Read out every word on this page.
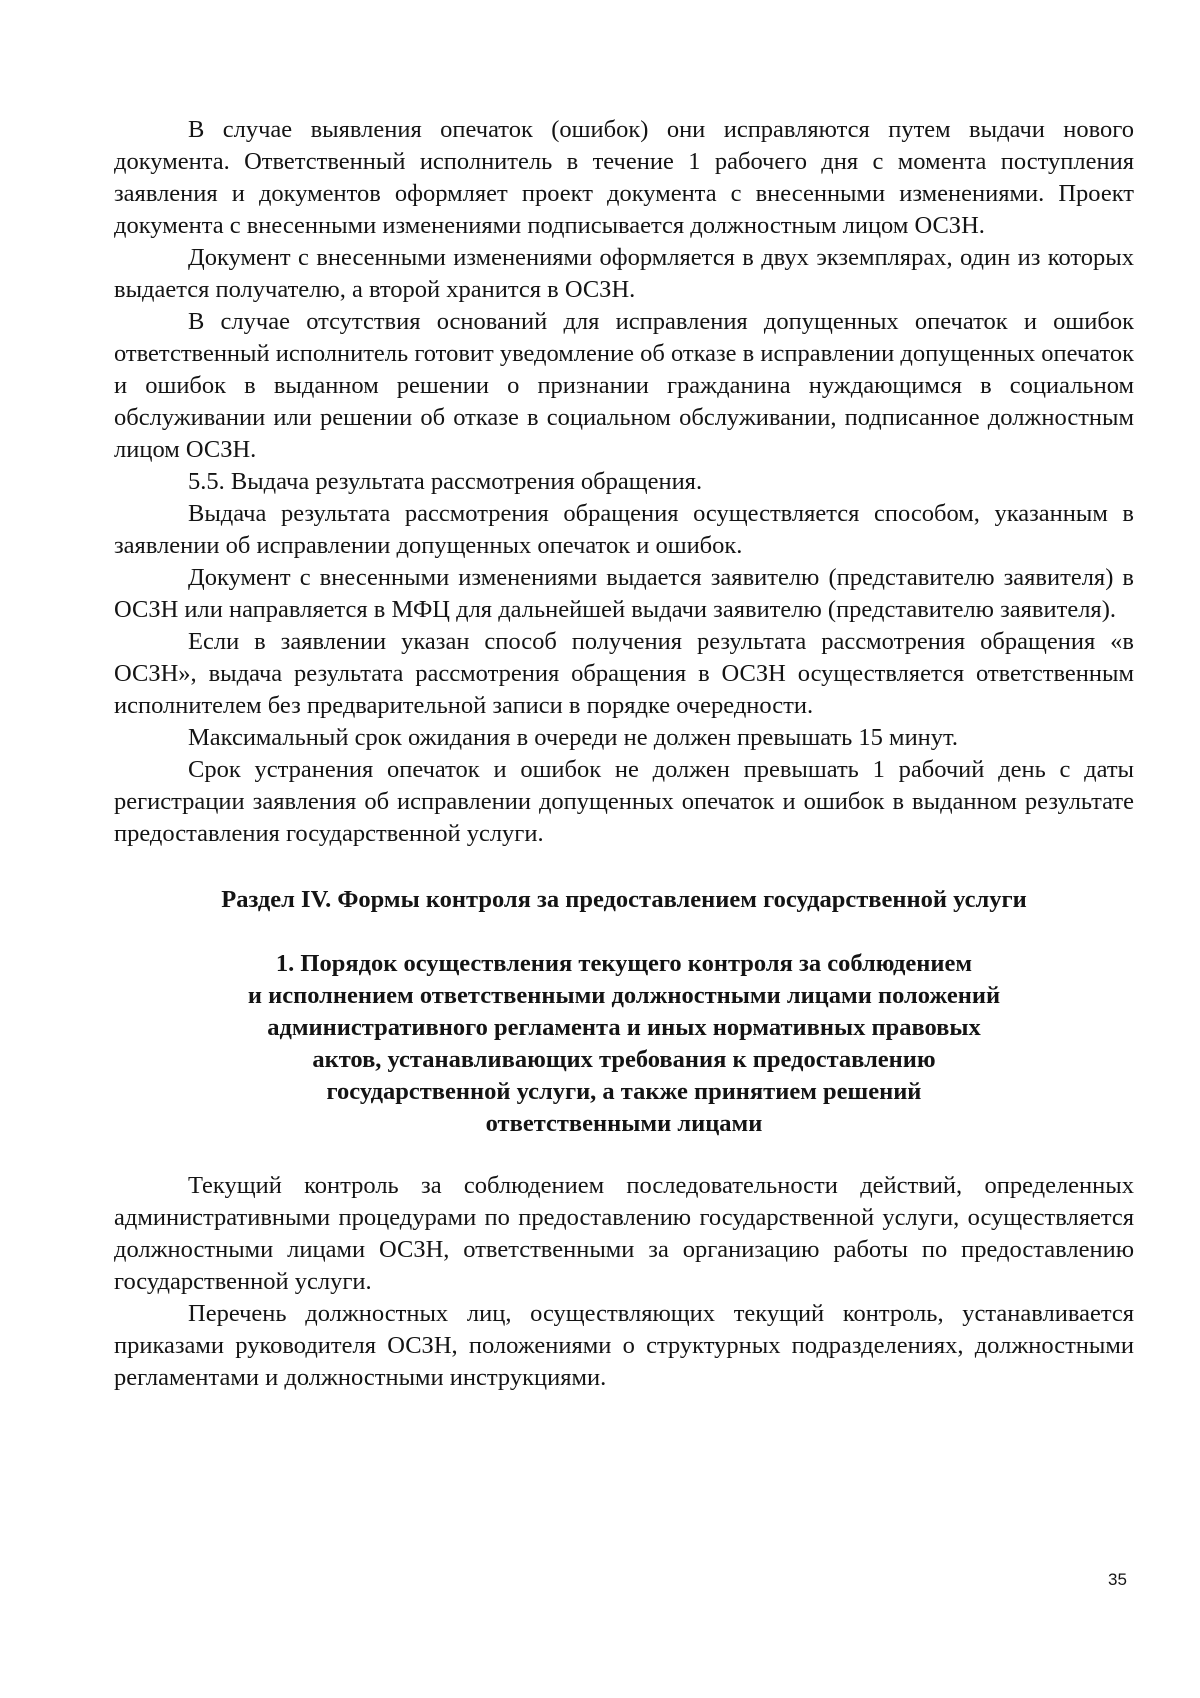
В случае выявления опечаток (ошибок) они исправляются путем выдачи нового документа. Ответственный исполнитель в течение 1 рабочего дня с момента поступления заявления и документов оформляет проект документа с внесенными изменениями. Проект документа с внесенными изменениями подписывается должностным лицом ОСЗН.

Документ с внесенными изменениями оформляется в двух экземплярах, один из которых выдается получателю, а второй хранится в ОСЗН.

В случае отсутствия оснований для исправления допущенных опечаток и ошибок ответственный исполнитель готовит уведомление об отказе в исправлении допущенных опечаток и ошибок в выданном решении о признании гражданина нуждающимся в социальном обслуживании или решении об отказе в социальном обслуживании, подписанное должностным лицом ОСЗН.

5.5. Выдача результата рассмотрения обращения.

Выдача результата рассмотрения обращения осуществляется способом, указанным в заявлении об исправлении допущенных опечаток и ошибок.

Документ с внесенными изменениями выдается заявителю (представителю заявителя) в ОСЗН или направляется в МФЦ для дальнейшей выдачи заявителю (представителю заявителя).

Если в заявлении указан способ получения результата рассмотрения обращения «в ОСЗН», выдача результата рассмотрения обращения в ОСЗН осуществляется ответственным исполнителем без предварительной записи в порядке очередности.

Максимальный срок ожидания в очереди не должен превышать 15 минут.

Срок устранения опечаток и ошибок не должен превышать 1 рабочий день с даты регистрации заявления об исправлении допущенных опечаток и ошибок в выданном результате предоставления государственной услуги.

Раздел IV. Формы контроля за предоставлением государственной услуги

1. Порядок осуществления текущего контроля за соблюдением
и исполнением ответственными должностными лицами положений
административного регламента и иных нормативных правовых
актов, устанавливающих требования к предоставлению
государственной услуги, а также принятием решений
ответственными лицами

Текущий контроль за соблюдением последовательности действий, определенных административными процедурами по предоставлению государственной услуги, осуществляется должностными лицами ОСЗН, ответственными за организацию работы по предоставлению государственной услуги.

Перечень должностных лиц, осуществляющих текущий контроль, устанавливается приказами руководителя ОСЗН, положениями о структурных подразделениях, должностными регламентами и должностными инструкциями.

35
